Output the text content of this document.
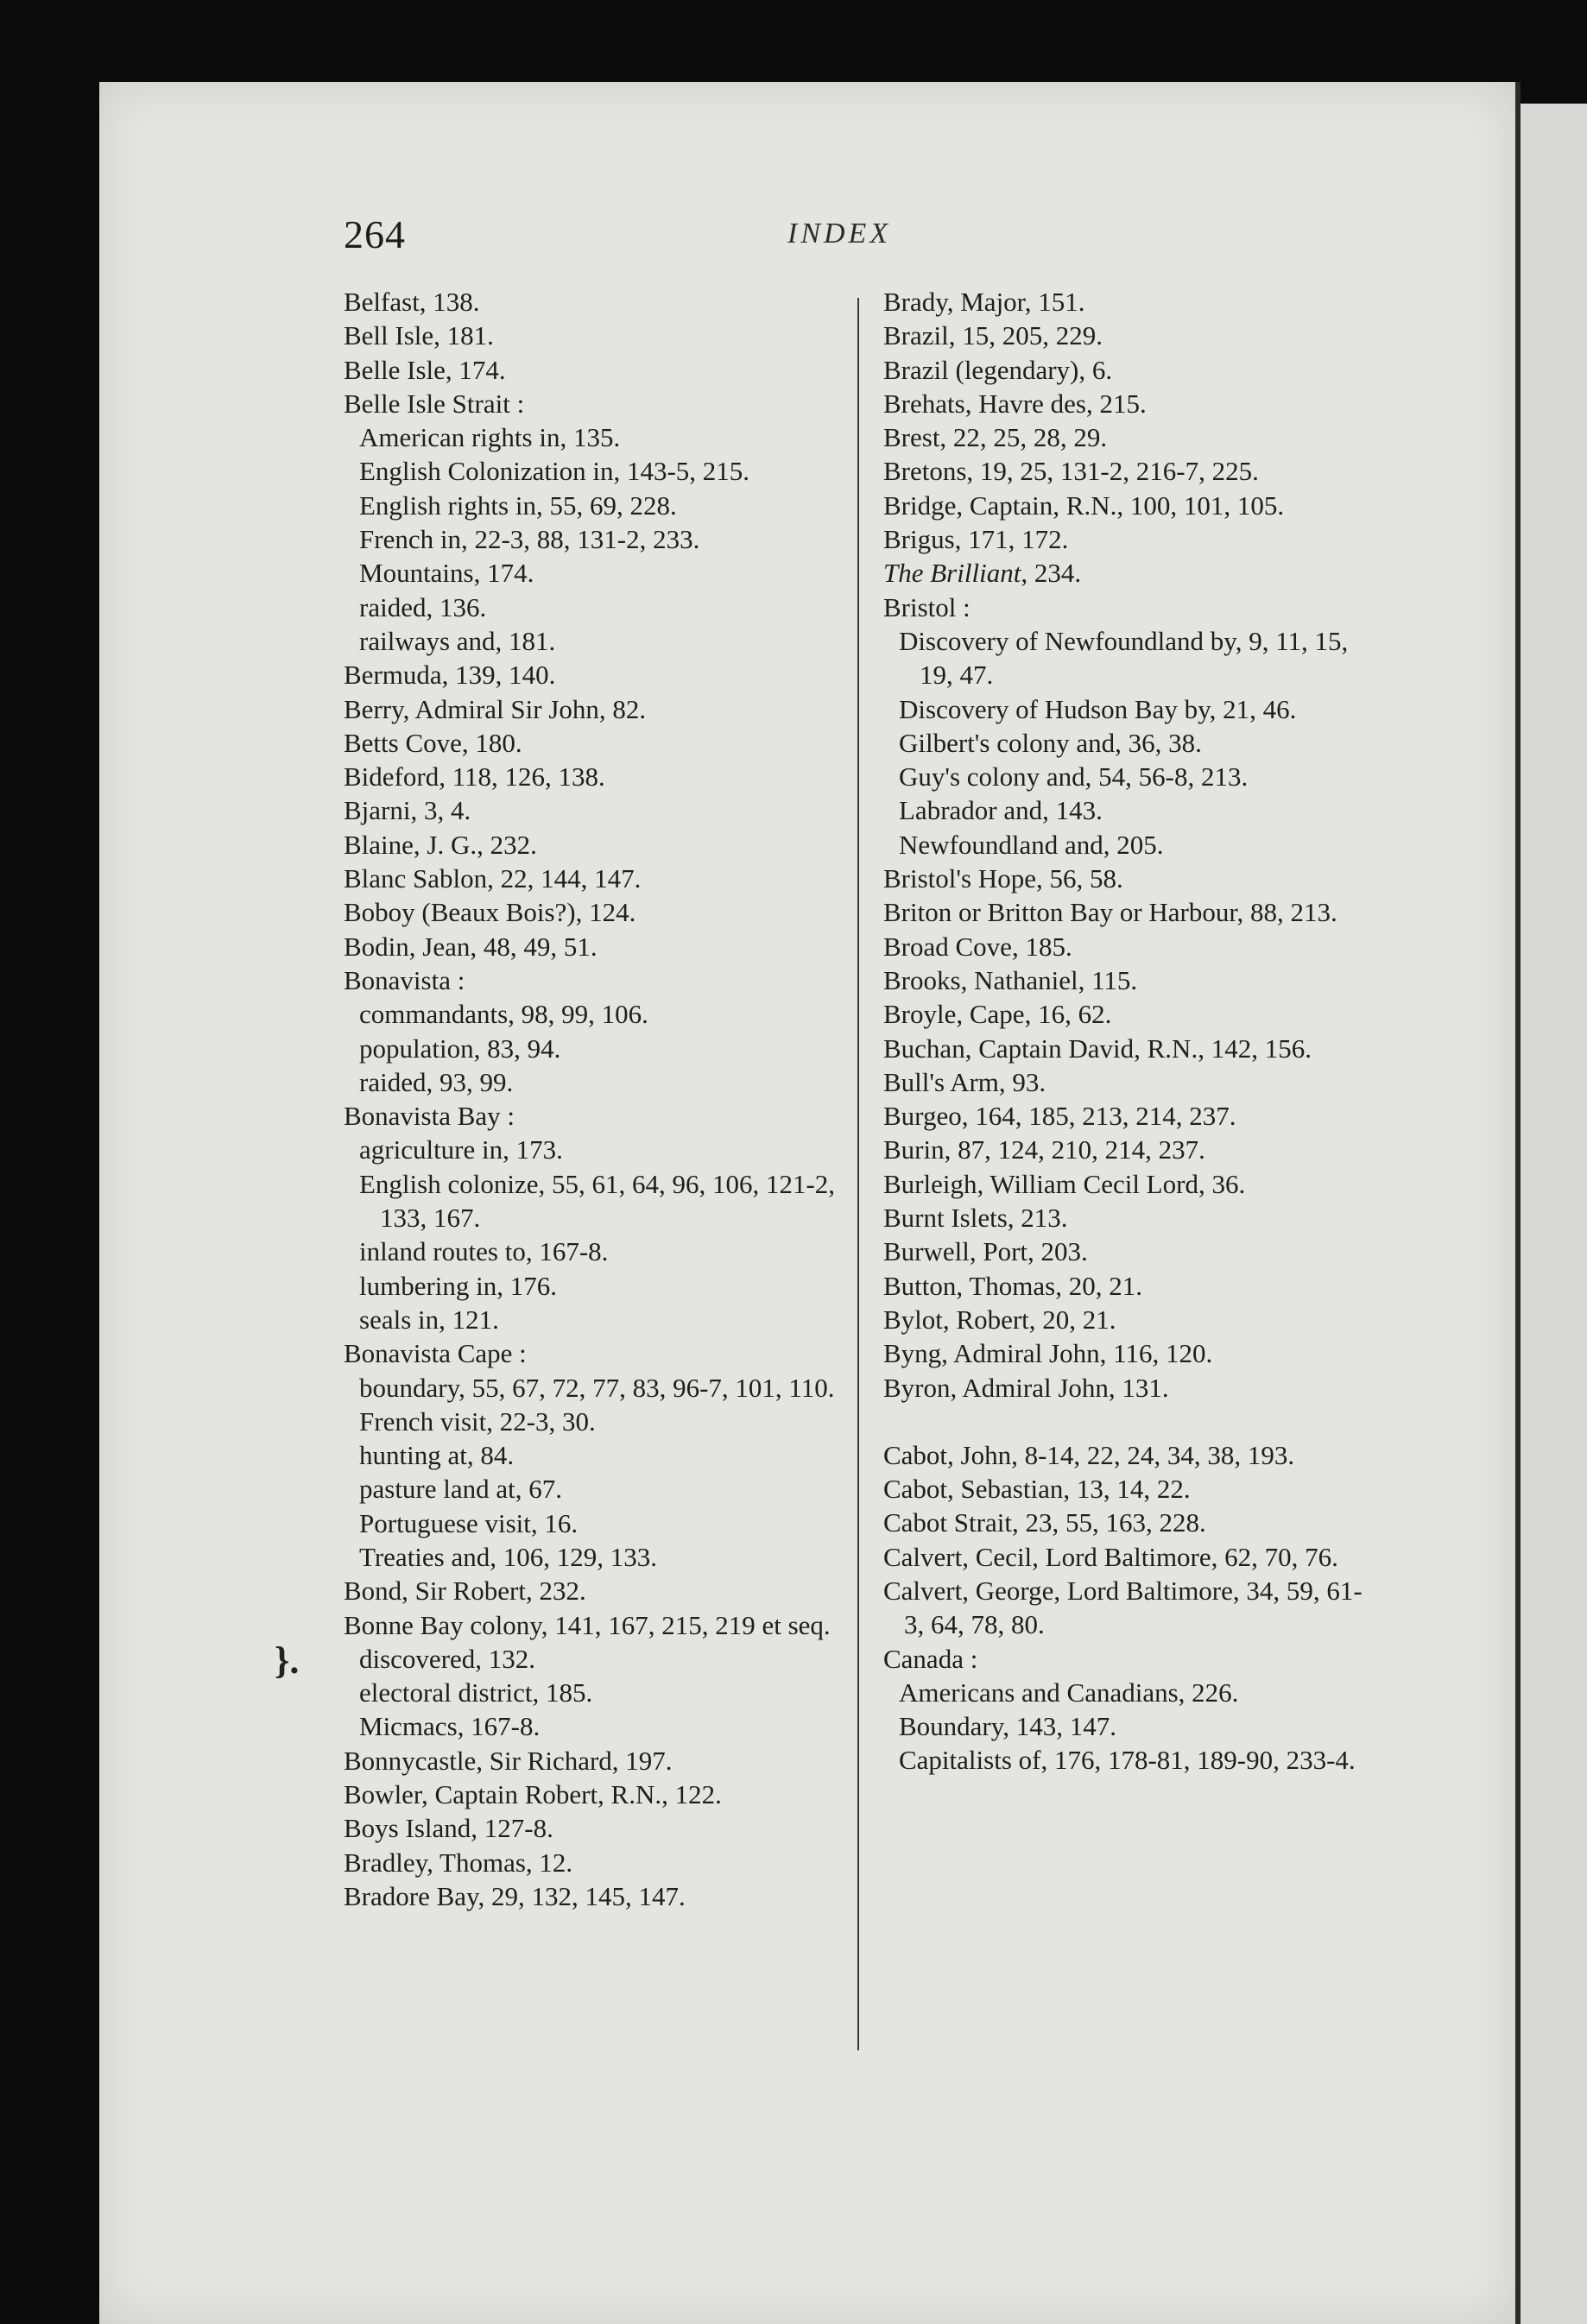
264	INDEX
}.
Belfast, 138.
Bell Isle, 181.
Belle Isle, 174.
Belle Isle Strait :
American rights in, 135.
English Colonization in, 143-5, 215.
English rights in, 55, 69, 228.
French in, 22-3, 88, 131-2, 233.
Mountains, 174.
raided, 136.
railways and, 181.
Bermuda, 139, 140.
Berry, Admiral Sir John, 82.
Betts Cove, 180.
Bideford, 118, 126, 138.
Bjarni, 3, 4.
Blaine, J. G., 232.
Blanc Sablon, 22, 144, 147.
Boboy (Beaux Bois?), 124.
Bodin, Jean, 48, 49, 51.
Bonavista :
commandants, 98, 99, 106.
population, 83, 94.
raided, 93, 99.
Bonavista Bay :
agriculture in, 173.
English colonize, 55, 61, 64, 96, 106, 121-2, 133, 167.
inland routes to, 167-8.
lumbering in, 176.
seals in, 121.
Bonavista Cape :
boundary, 55, 67, 72, 77, 83, 96-7, 101, 110.
French visit, 22-3, 30.
hunting at, 84.
pasture land at, 67.
Portuguese visit, 16.
Treaties and, 106, 129, 133.
Bond, Sir Robert, 232.
Bonne Bay colony, 141, 167, 215, 219 et seq.
discovered, 132.
electoral district, 185.
Micmacs, 167-8.
Bonnycastle, Sir Richard, 197.
Bowler, Captain Robert, R.N., 122.
Boys Island, 127-8.
Bradley, Thomas, 12.
Bradore Bay, 29, 132, 145, 147.
Brady, Major, 151.
Brazil, 15, 205, 229.
Brazil (legendary), 6.
Brehats, Havre des, 215.
Brest, 22, 25, 28, 29.
Bretons, 19, 25, 131-2, 216-7, 225.
Bridge, Captain, R.N., 100, 101, 105.
Brigus, 171, 172.
The Brilliant, 234.
Bristol :
Discovery of Newfoundland by, 9, 11, 15, 19, 47.
Discovery of Hudson Bay by, 21, 46.
Gilbert's colony and, 36, 38.
Guy's colony and, 54, 56-8, 213.
Labrador and, 143.
Newfoundland and, 205.
Bristol's Hope, 56, 58.
Briton or Britton Bay or Harbour, 88, 213.
Broad Cove, 185.
Brooks, Nathaniel, 115.
Broyle, Cape, 16, 62.
Buchan, Captain David, R.N., 142, 156.
Bull's Arm, 93.
Burgeo, 164, 185, 213, 214, 237.
Burin, 87, 124, 210, 214, 237.
Burleigh, William Cecil Lord, 36.
Burnt Islets, 213.
Burwell, Port, 203.
Button, Thomas, 20, 21.
Bylot, Robert, 20, 21.
Byng, Admiral John, 116, 120.
Byron, Admiral John, 131.
Cabot, John, 8-14, 22, 24, 34, 38, 193.
Cabot, Sebastian, 13, 14, 22.
Cabot Strait, 23, 55, 163, 228.
Calvert, Cecil, Lord Baltimore, 62, 70, 76.
Calvert, George, Lord Baltimore, 34, 59, 61-3, 64, 78, 80.
Canada :
Americans and Canadians, 226.
Boundary, 143, 147.
Capitalists of, 176, 178-81, 189-90, 233-4.
